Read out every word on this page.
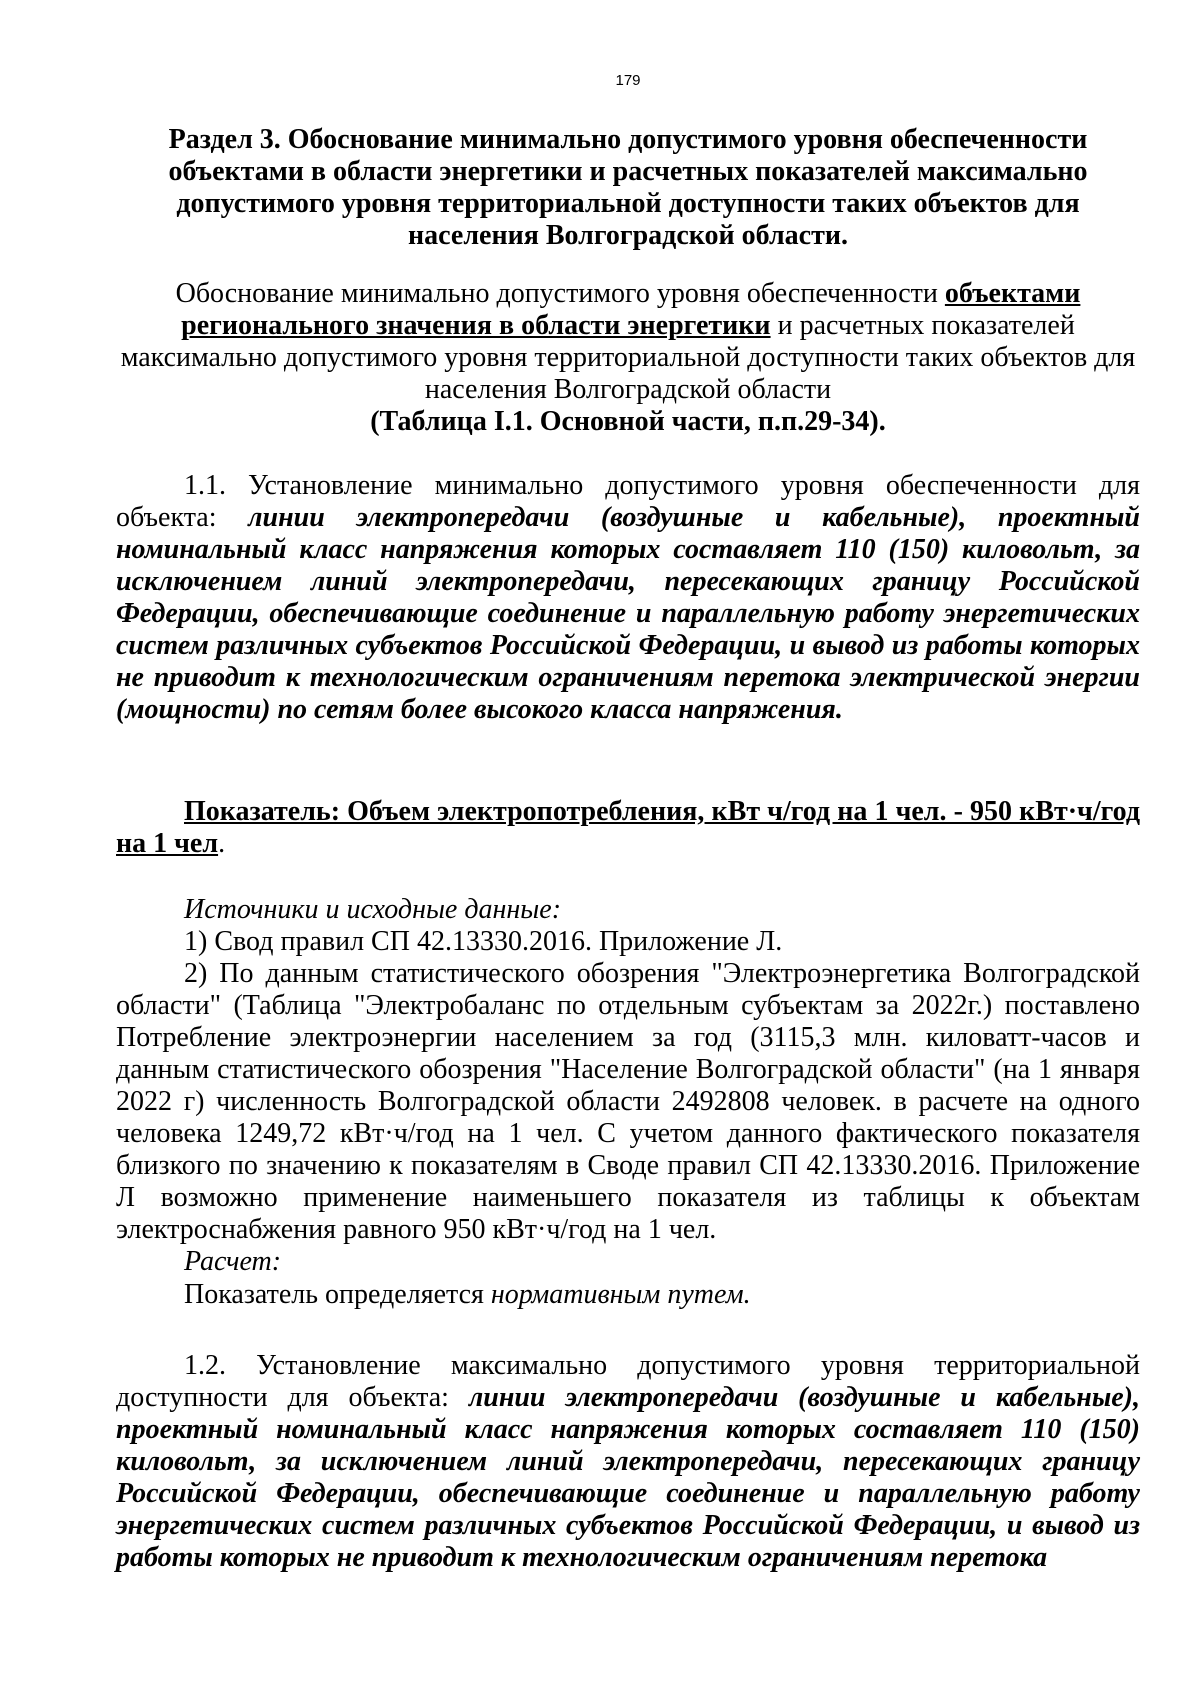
179

Раздел 3. Обоснование минимально допустимого уровня обеспеченности объектами в области энергетики и расчетных показателей максимально допустимого уровня территориальной доступности таких объектов для населения Волгоградской области.

Обоснование минимально допустимого уровня обеспеченности объектами регионального значения в области энергетики и расчетных показателей максимально допустимого уровня территориальной доступности таких объектов для населения Волгоградской области
(Таблица I.1. Основной части, п.п.29-34).

1.1. Установление минимально допустимого уровня обеспеченности для объекта: линии электропередачи (воздушные и кабельные), проектный номинальный класс напряжения которых составляет 110 (150) киловольт, за исключением линий электропередачи, пересекающих границу Российской Федерации, обеспечивающие соединение и параллельную работу энергетических систем различных субъектов Российской Федерации, и вывод из работы которых не приводит к технологическим ограничениям перетока электрической энергии (мощности) по сетям более высокого класса напряжения.

Показатель: Объем электропотребления, кВт ч/год на 1 чел. - 950 кВт·ч/год на 1 чел.

Источники и исходные данные:

1) Свод правил СП 42.13330.2016. Приложение Л.

2) По данным статистического обозрения "Электроэнергетика Волгоградской области" (Таблица "Электробаланс по отдельным субъектам за 2022г.) поставлено Потребление электроэнергии населением за год (3115,3 млн. киловатт-часов и данным статистического обозрения "Население Волгоградской области" (на 1 января 2022 г) численность Волгоградской области 2492808 человек. в расчете на одного человека 1249,72 кВт·ч/год на 1 чел. С учетом данного фактического показателя близкого по значению к показателям в Своде правил СП 42.13330.2016. Приложение Л возможно применение наименьшего показателя из таблицы к объектам электроснабжения равного 950 кВт·ч/год на 1 чел.

Расчет:

Показатель определяется нормативным путем.

1.2. Установление максимально допустимого уровня территориальной доступности для объекта: линии электропередачи (воздушные и кабельные), проектный номинальный класс напряжения которых составляет 110 (150) киловольт, за исключением линий электропередачи, пересекающих границу Российской Федерации, обеспечивающие соединение и параллельную работу энергетических систем различных субъектов Российской Федерации, и вывод из работы которых не приводит к технологическим ограничениям перетока
